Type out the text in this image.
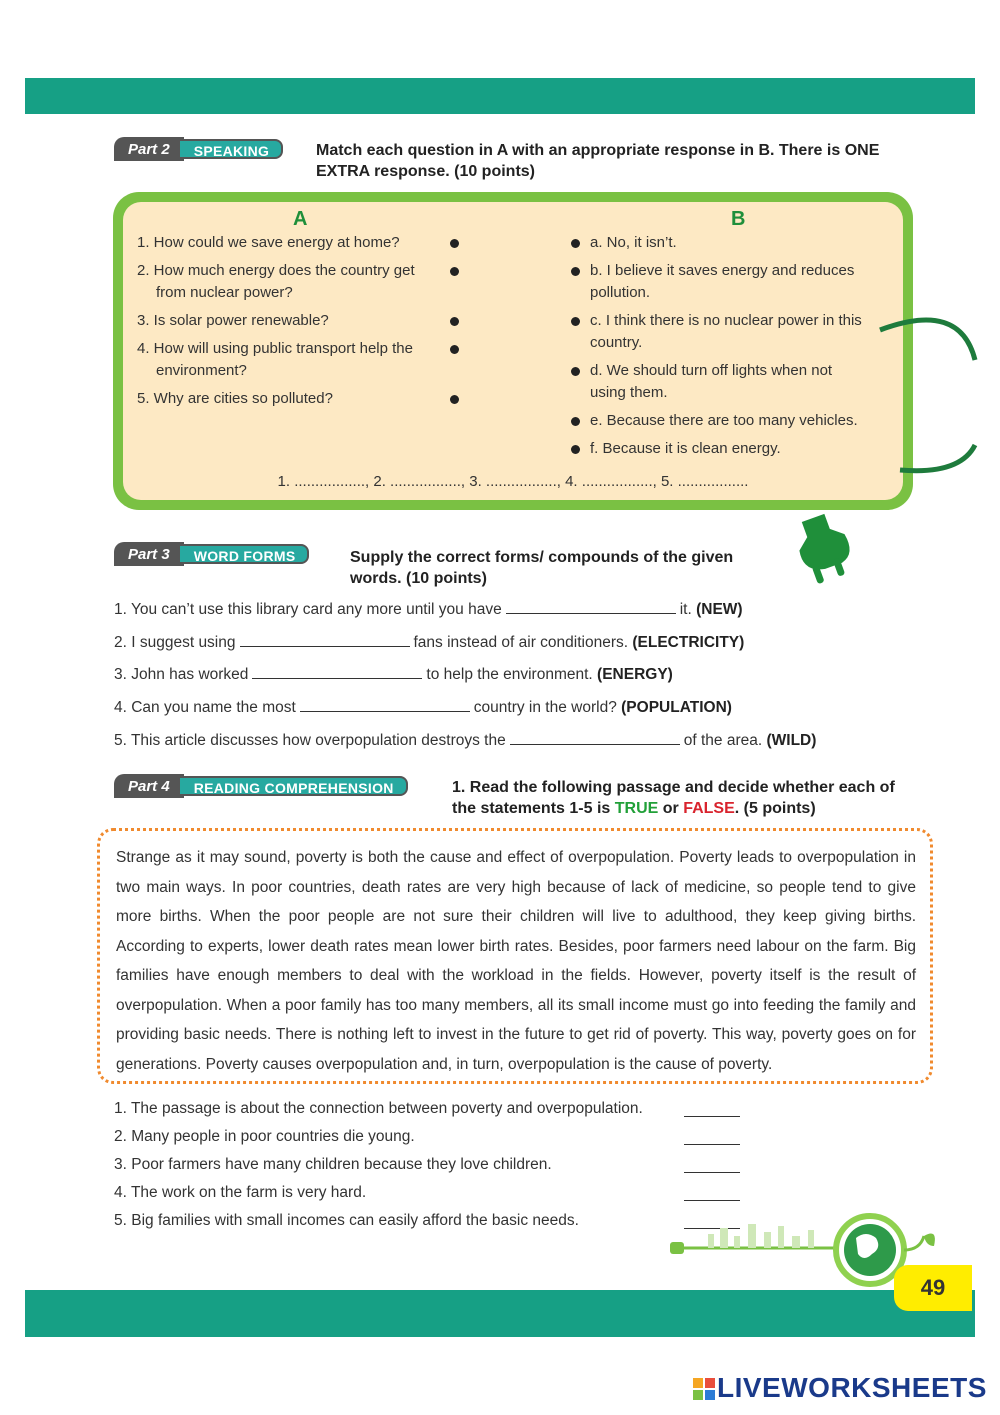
Part 2	SPEAKING	Match each question in A with an appropriate response in B. There is ONE EXTRA response. (10 points)
A	B
1. How could we save energy at home?
2. How much energy does the country get
from nuclear power?
3. Is solar power renewable?
4. How will using public transport help the
environment?
5. Why are cities so polluted?
a. No, it isn’t.
b. I believe it saves energy and reduces
pollution.
c. I think there is no nuclear power in this
country.
d. We should turn off lights when not
using them.
e. Because there are too many vehicles.
f. Because it is clean energy.
1. ................., 2. ................., 3. ................., 4. ................., 5. .................
Part 3	WORD FORMS	Supply the correct forms/ compounds of the given words. (10 points)
1. You can’t use this library card any more until you have	it. (NEW)
2. I suggest using	fans instead of air conditioners. (ELECTRICITY)
3. John has worked	to help the environment. (ENERGY)
4. Can you name the most	country in the world? (POPULATION)
5. This article discusses how overpopulation destroys the	of the area. (WILD)
Part 4	READING COMPREHENSION	1. Read the following passage and decide whether each of the statements 1-5 is TRUE or FALSE. (5 points)

Strange as it may sound, poverty is both the cause and effect of overpopulation. Poverty leads to overpopulation in two main ways. In poor countries, death rates are very high because of lack of medicine, so people tend to give more births. When the poor people are not sure their children will live to adulthood, they keep giving births. According to experts, lower death rates mean lower birth rates. Besides, poor farmers need labour on the farm. Big families have enough members to deal with the workload in the fields. However, poverty itself is the result of overpopulation. When a poor family has too many members, all its small income must go into feeding the family and providing basic needs. There is nothing left to invest in the future to get rid of poverty. This way, poverty goes on for generations. Poverty causes overpopulation and, in turn, overpopulation is the cause of poverty.

1. The passage is about the connection between poverty and overpopulation.
2. Many people in poor countries die young.
3. Poor farmers have many children because they love children.
4. The work on the farm is very hard.
5. Big families with small incomes can easily afford the basic needs.
49
LIVEWORKSHEETS
